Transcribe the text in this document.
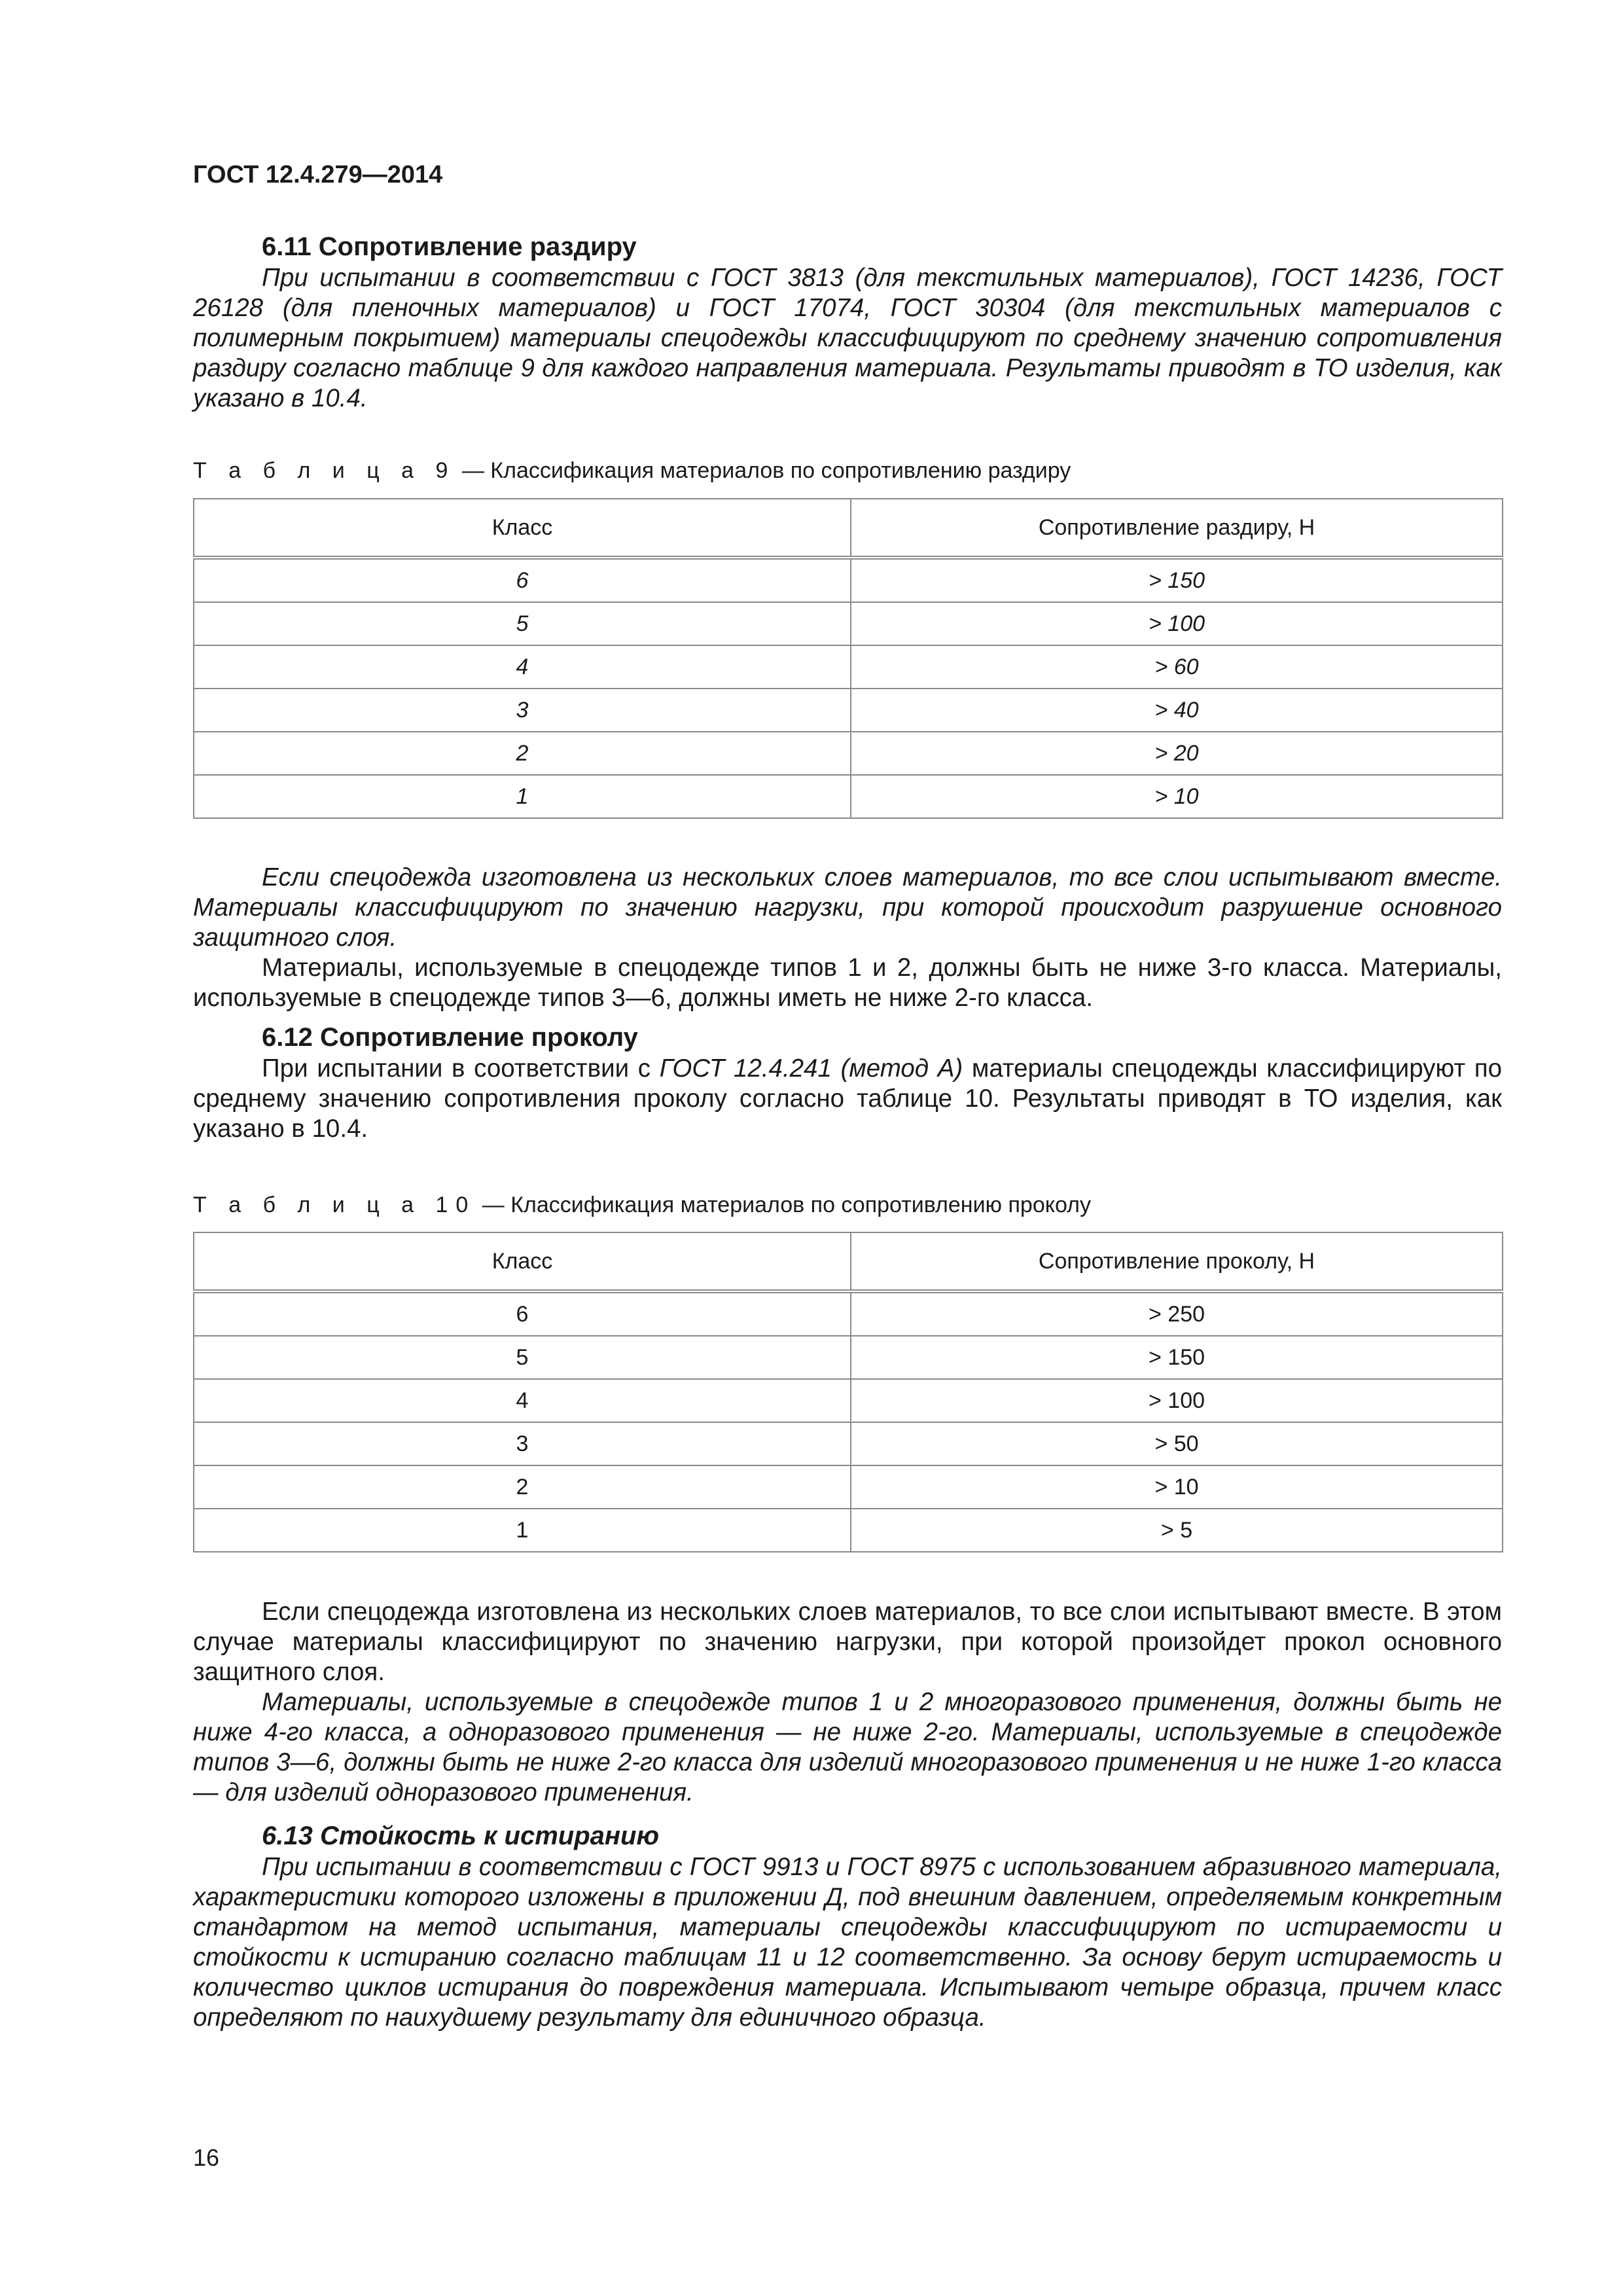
ГОСТ 12.4.279—2014

6.11 Сопротивление раздиру

При испытании в соответствии с ГОСТ 3813 (для текстильных материалов), ГОСТ 14236, ГОСТ 26128 (для пленочных материалов) и ГОСТ 17074, ГОСТ 30304 (для текстильных материалов с полимерным покрытием) материалы спецодежды классифицируют по среднему значению сопротивления раздиру согласно таблице 9 для каждого направления материала. Результаты приводят в ТО изделия, как указано в 10.4.

Т а б л и ц а 9 — Классификация материалов по сопротивлению раздиру
Класс	Сопротивление раздиру, Н
6	> 150
5	> 100
4	> 60
3	> 40
2	> 20
1	> 10

Если спецодежда изготовлена из нескольких слоев материалов, то все слои испытывают вместе. Материалы классифицируют по значению нагрузки, при которой происходит разрушение основного защитного слоя.

Материалы, используемые в спецодежде типов 1 и 2, должны быть не ниже 3-го класса. Материалы, используемые в спецодежде типов 3—6, должны иметь не ниже 2-го класса.

6.12 Сопротивление проколу

При испытании в соответствии с ГОСТ 12.4.241 (метод А) материалы спецодежды классифицируют по среднему значению сопротивления проколу согласно таблице 10. Результаты приводят в ТО изделия, как указано в 10.4.

Т а б л и ц а 10 — Классификация материалов по сопротивлению проколу
Класс	Сопротивление проколу, Н
6	> 250
5	> 150
4	> 100
3	> 50
2	> 10
1	> 5

Если спецодежда изготовлена из нескольких слоев материалов, то все слои испытывают вместе. В этом случае материалы классифицируют по значению нагрузки, при которой произойдет прокол основного защитного слоя.

Материалы, используемые в спецодежде типов 1 и 2 многоразового применения, должны быть не ниже 4-го класса, а одноразового применения — не ниже 2-го. Материалы, используемые в спецодежде типов 3—6, должны быть не ниже 2-го класса для изделий многоразового применения и не ниже 1-го класса — для изделий одноразового применения.

6.13 Стойкость к истиранию

При испытании в соответствии с ГОСТ 9913 и ГОСТ 8975 с использованием абразивного материала, характеристики которого изложены в приложении Д, под внешним давлением, определяемым конкретным стандартом на метод испытания, материалы спецодежды классифицируют по истираемости и стойкости к истиранию согласно таблицам 11 и 12 соответственно. За основу берут истираемость и количество циклов истирания до повреждения материала. Испытывают четыре образца, причем класс определяют по наихудшему результату для единичного образца.

16
